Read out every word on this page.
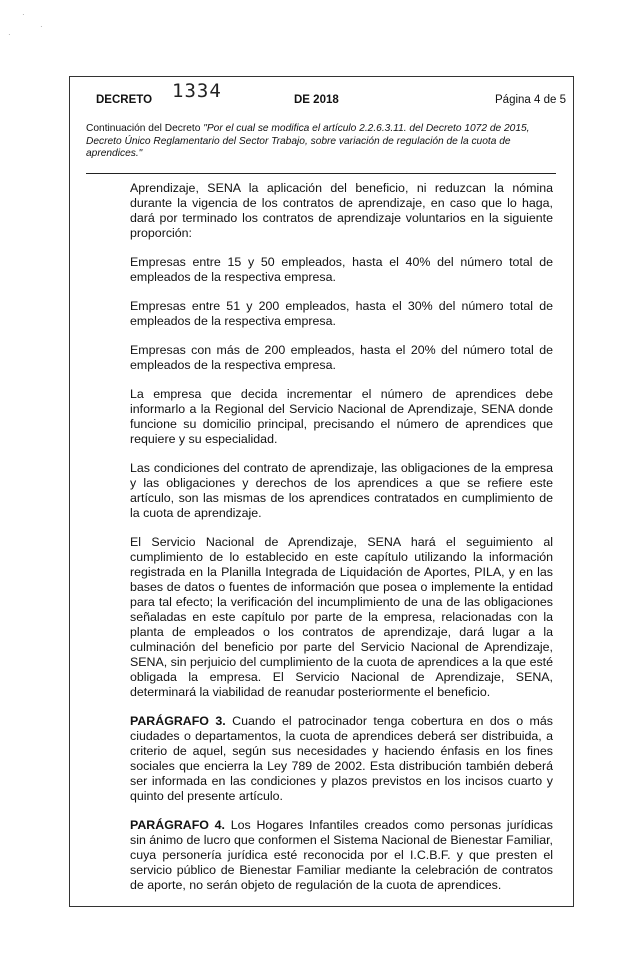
·
·
·
DECRETO 1334	DE 2018	Página 4 de 5
Continuación del Decreto "Por el cual se modifica el artículo 2.2.6.3.11. del Decreto 1072 de 2015, Decreto Único Reglamentario del Sector Trabajo, sobre variación de regulación de la cuota de aprendices."

Aprendizaje, SENA la aplicación del beneficio, ni reduzcan la nómina durante la vigencia de los contratos de aprendizaje, en caso que lo haga, dará por terminado los contratos de aprendizaje voluntarios en la siguiente proporción:

Empresas entre 15 y 50 empleados, hasta el 40% del número total de empleados de la respectiva empresa.

Empresas entre 51 y 200 empleados, hasta el 30% del número total de empleados de la respectiva empresa.

Empresas con más de 200 empleados, hasta el 20% del número total de empleados de la respectiva empresa.

La empresa que decida incrementar el número de aprendices debe informarlo a la Regional del Servicio Nacional de Aprendizaje, SENA donde funcione su domicilio principal, precisando el número de aprendices que requiere y su especialidad.

Las condiciones del contrato de aprendizaje, las obligaciones de la empresa y las obligaciones y derechos de los aprendices a que se refiere este artículo, son las mismas de los aprendices contratados en cumplimiento de la cuota de aprendizaje.

El Servicio Nacional de Aprendizaje, SENA hará el seguimiento al cumplimiento de lo establecido en este capítulo utilizando la información registrada en la Planilla Integrada de Liquidación de Aportes, PILA, y en las bases de datos o fuentes de información que posea o implemente la entidad para tal efecto; la verificación del incumplimiento de una de las obligaciones señaladas en este capítulo por parte de la empresa, relacionadas con la planta de empleados o los contratos de aprendizaje, dará lugar a la culminación del beneficio por parte del Servicio Nacional de Aprendizaje, SENA, sin perjuicio del cumplimiento de la cuota de aprendices a la que esté obligada la empresa. El Servicio Nacional de Aprendizaje, SENA, determinará la viabilidad de reanudar posteriormente el beneficio.

PARÁGRAFO 3. Cuando el patrocinador tenga cobertura en dos o más ciudades o departamentos, la cuota de aprendices deberá ser distribuida, a criterio de aquel, según sus necesidades y haciendo énfasis en los fines sociales que encierra la Ley 789 de 2002. Esta distribución también deberá ser informada en las condiciones y plazos previstos en los incisos cuarto y quinto del presente artículo.

PARÁGRAFO 4. Los Hogares Infantiles creados como personas jurídicas sin ánimo de lucro que conformen el Sistema Nacional de Bienestar Familiar, cuya personería jurídica esté reconocida por el I.C.B.F. y que presten el servicio público de Bienestar Familiar mediante la celebración de contratos de aporte, no serán objeto de regulación de la cuota de aprendices.
